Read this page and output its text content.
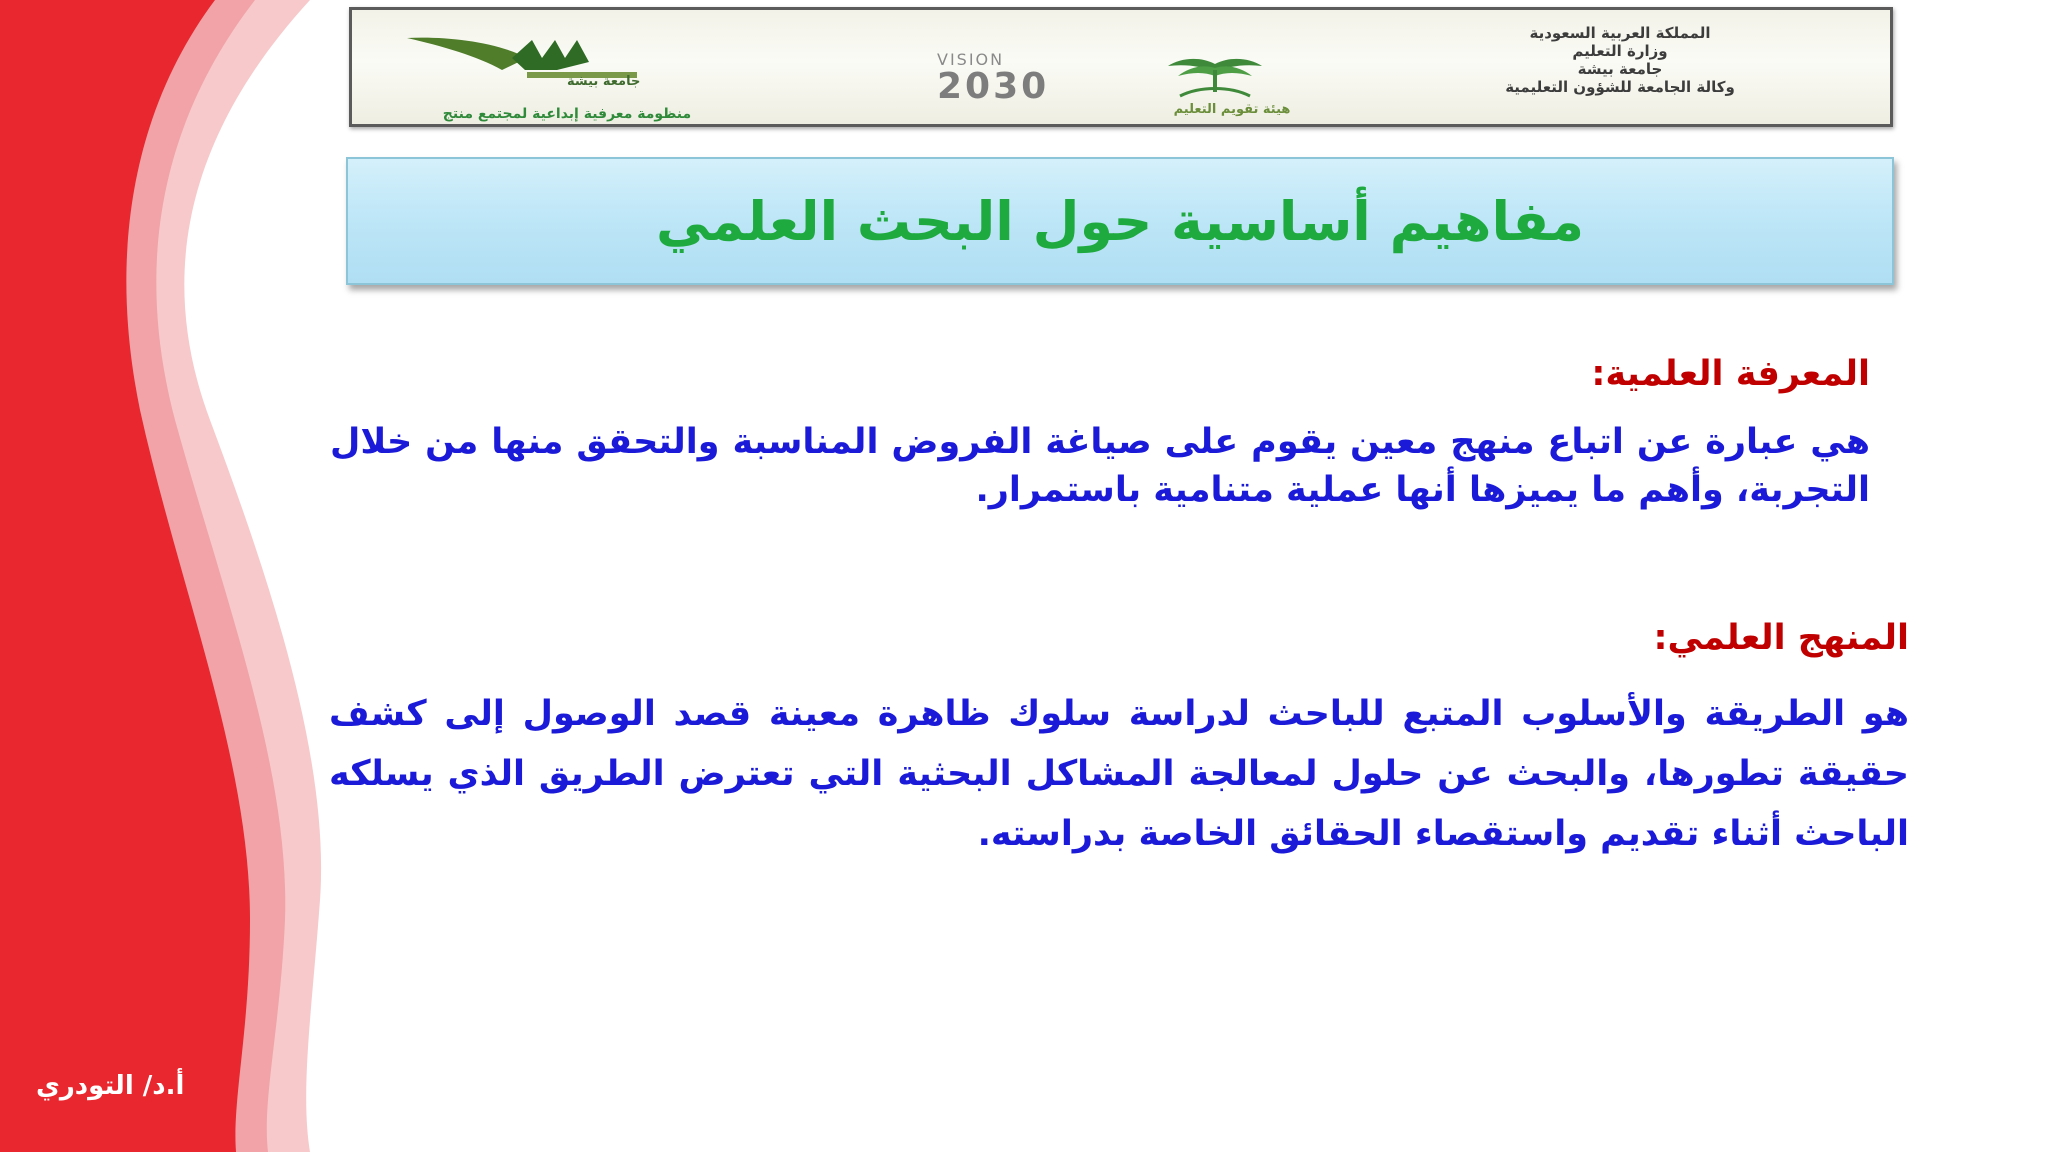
جامعة بيشة
منظومة معرفية إبداعية لمجتمع منتج
VISION
2030
هيئة تقويم التعليم
المملكة العربية السعودية
وزارة التعليم
جامعة بيشة
وكالة الجامعة للشؤون التعليمية
مفاهيم أساسية حول البحث العلمي
المعرفة العلمية:
هي عبارة عن اتباع منهج معين يقوم على صياغة الفروض المناسبة والتحقق منها من خلال التجربة، وأهم ما يميزها أنها عملية متنامية باستمرار.
المنهج العلمي:
هو الطريقة والأسلوب المتبع للباحث لدراسة سلوك ظاهرة معينة قصد الوصول إلى كشف حقيقة تطورها، والبحث عن حلول لمعالجة المشاكل البحثية التي تعترض الطريق الذي يسلكه الباحث أثناء تقديم واستقصاء الحقائق الخاصة بدراسته.
أ.د/ التودري
